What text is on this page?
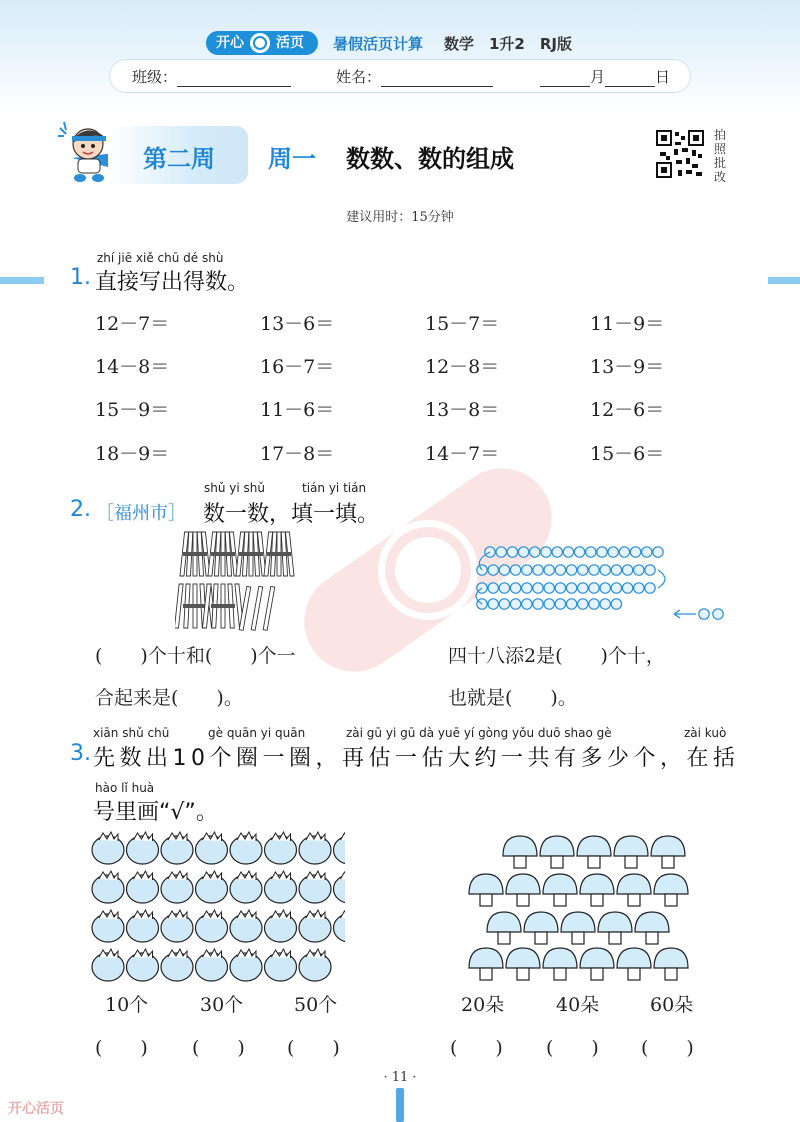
开心 活页 暑假活页计算 数学　1升2　RJ版
班级：	姓名：	月	日
第二周 周一 数数、数的组成
拍
照
批
改
建议用时：15分钟
zhí jiē xiě chū dé shù
1. 直接写出得数。
12－7＝	13－6＝	15－7＝	11－9＝
14－8＝	16－7＝	12－8＝	13－9＝
15－9＝	11－6＝	13－8＝	12－6＝
18－9＝	17－8＝	14－7＝	15－6＝
shǔ yi shǔ	tián yi tián
2. ［福州市］ 数一数，填一填。
(　　)个十和(　　)个一
合起来是(　　)。
四十八添2是(　　)个十，
也就是(　　)。
xiān shǔ chū	gè quān yi quān	zài gū yi gū dà yuē yí gòng yǒu duō shao gè	zài kuò
3. 先数出10个圈一圈，再估一估大约一共有多少个，在括
hào lǐ huà
号里画“√”。
10个	30个	50个	20朵	40朵	60朵
(　　) (　　) (　　)	(　　) (　　) (　　)
· 11 ·
开心活页
